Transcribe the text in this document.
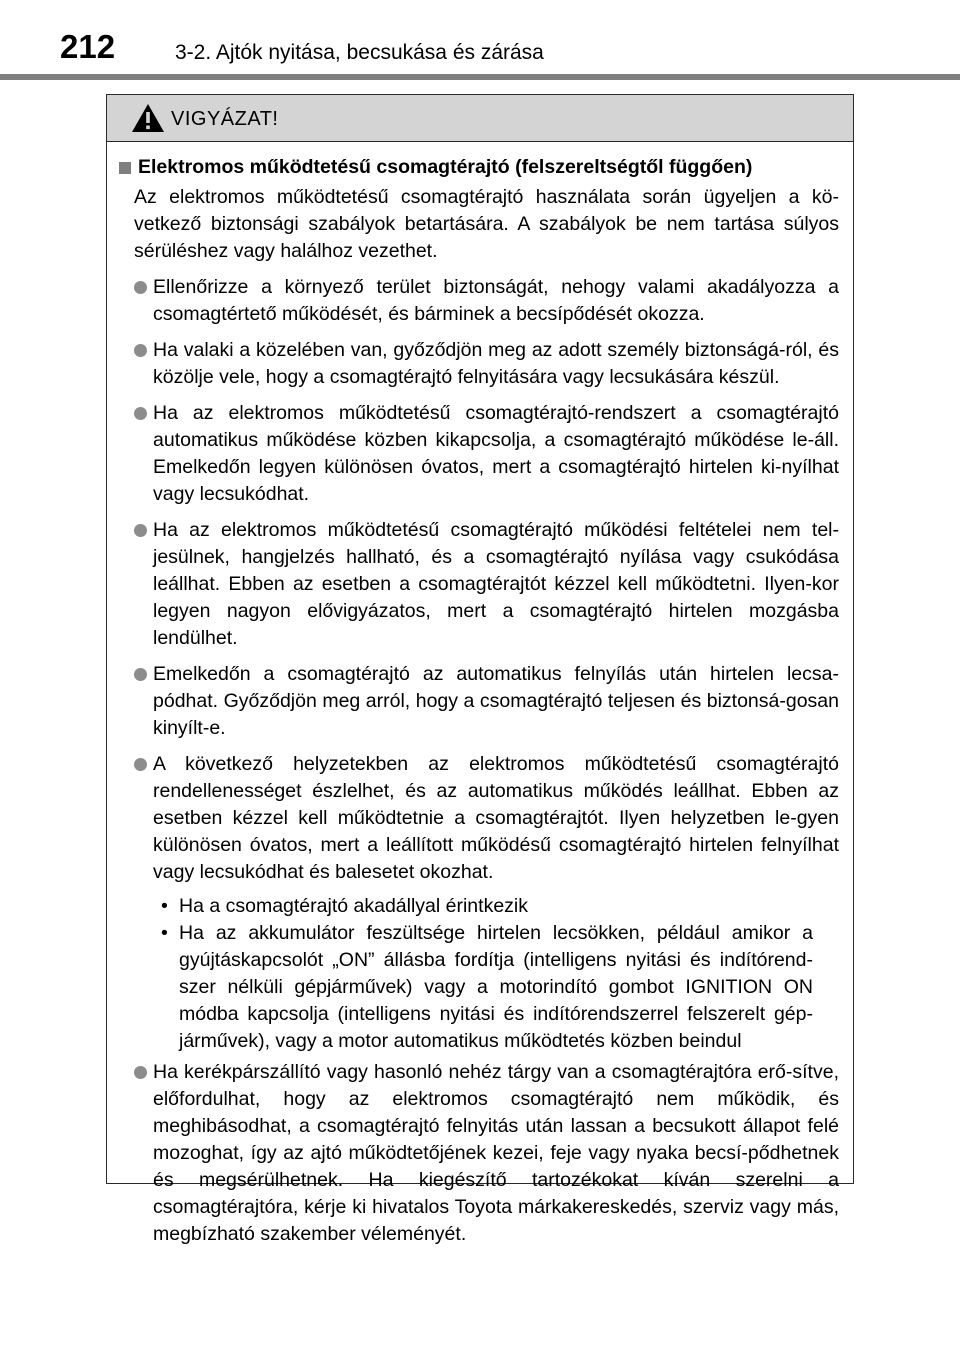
212	3-2. Ajtók nyitása, becsukása és zárása
VIGYÁZAT!
Elektromos működtetésű csomagtérajtó (felszereltségtől függően)
Az elektromos működtetésű csomagtérajtó használata során ügyeljen a kö-vetkező biztonsági szabályok betartására. A szabályok be nem tartása súlyos sérüléshez vagy halálhoz vezethet.
Ellenőrizze a környező terület biztonságát, nehogy valami akadályozza a csomagtértető működését, és bárminek a becsípődését okozza.
Ha valaki a közelében van, győződjön meg az adott személy biztonságá-ról, és közölje vele, hogy a csomagtérajtó felnyitására vagy lecsukására készül.
Ha az elektromos működtetésű csomagtérajtó-rendszert a csomagtérajtó automatikus működése közben kikapcsolja, a csomagtérajtó működése le-áll. Emelkedőn legyen különösen óvatos, mert a csomagtérajtó hirtelen ki-nyílhat vagy lecsukódhat.
Ha az elektromos működtetésű csomagtérajtó működési feltételei nem tel-jesülnek, hangjelzés hallható, és a csomagtérajtó nyílása vagy csukódása leállhat. Ebben az esetben a csomagtérajtót kézzel kell működtetni. Ilyen-kor legyen nagyon elővigyázatos, mert a csomagtérajtó hirtelen mozgásba lendülhet.
Emelkedőn a csomagtérajtó az automatikus felnyílás után hirtelen lecsa-pódhat. Győződjön meg arról, hogy a csomagtérajtó teljesen és biztonsá-gosan kinyílt-e.
A következő helyzetekben az elektromos működtetésű csomagtérajtó rendellenességet észlelhet, és az automatikus működés leállhat. Ebben az esetben kézzel kell működtetnie a csomagtérajtót. Ilyen helyzetben le-gyen különösen óvatos, mert a leállított működésű csomagtérajtó hirtelen felnyílhat vagy lecsukódhat és balesetet okozhat.
• Ha a csomagtérajtó akadállyal érintkezik
• Ha az akkumulátor feszültsége hirtelen lecsökken, például amikor a gyújtáskapcsolót „ON” állásba fordítja (intelligens nyitási és indítórend-szer nélküli gépjárművek) vagy a motorindító gombot IGNITION ON módba kapcsolja (intelligens nyitási és indítórendszerrel felszerelt gép-járművek), vagy a motor automatikus működtetés közben beindul
Ha kerékpárszállító vagy hasonló nehéz tárgy van a csomagtérajtóra erő-sítve, előfordulhat, hogy az elektromos csomagtérajtó nem működik, és meghibásodhat, a csomagtérajtó felnyitás után lassan a becsukott állapot felé mozoghat, így az ajtó működtetőjének kezei, feje vagy nyaka becsí-pődhetnek és megsérülhetnek. Ha kiegészítő tartozékokat kíván szerelni a csomagtérajtóra, kérje ki hivatalos Toyota márkakereskedés, szerviz vagy más, megbízható szakember véleményét.
